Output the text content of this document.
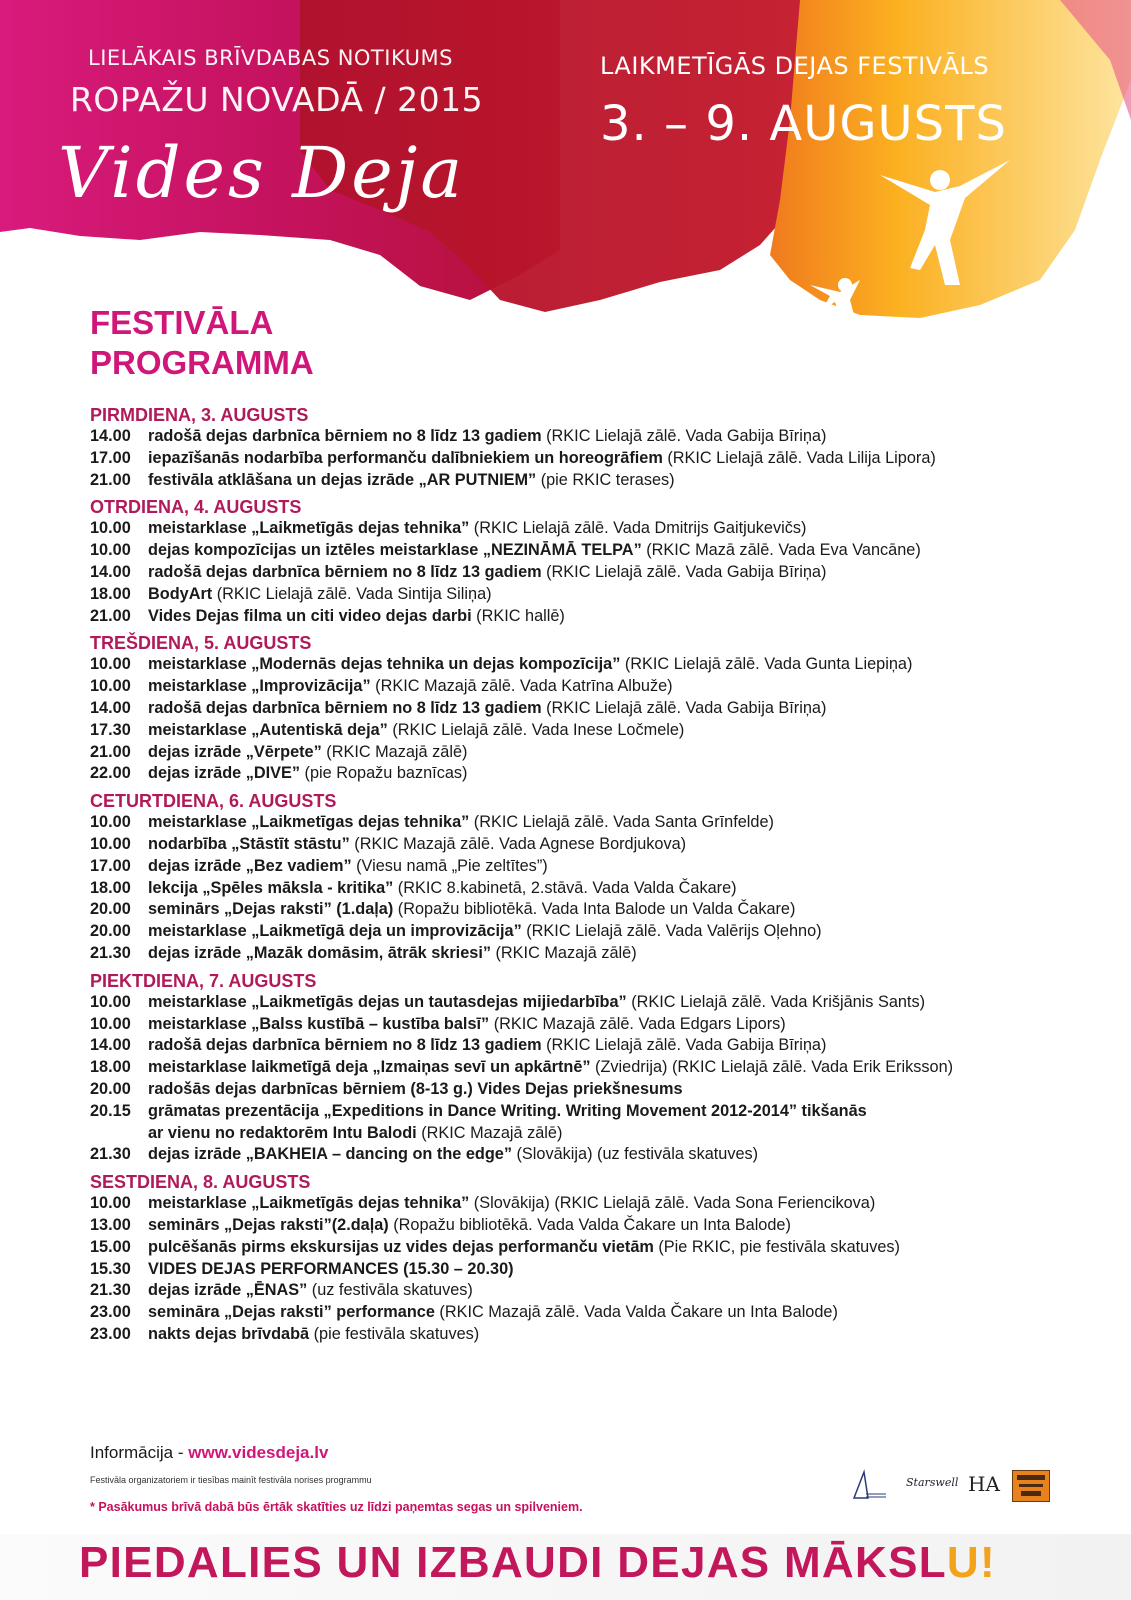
LIELĀKAIS BRĪVDABAS NOTIKUMS
ROPAŽU NOVADĀ / 2015
Vides Deja
LAIKMETĪGĀS DEJAS FESTIVĀLS
3. – 9. AUGUSTS
FESTIVĀLA
PROGRAMMA
PIRMDIENA, 3. AUGUSTS
14.00	radošā dejas darbnīca bērniem no 8 līdz 13 gadiem (RKIC Lielajā zālē. Vada Gabija Bīriņa)
17.00	iepazīšanās nodarbība performanču dalībniekiem un horeogrāfiem (RKIC Lielajā zālē. Vada Lilija Lipora)
21.00	festivāla atklāšana un dejas izrāde „AR PUTNIEM” (pie RKIC terases)
OTRDIENA, 4. AUGUSTS
10.00	meistarklase „Laikmetīgās dejas tehnika” (RKIC Lielajā zālē. Vada Dmitrijs Gaitjukevičs)
10.00	dejas kompozīcijas un iztēles meistarklase „NEZINĀMĀ TELPA” (RKIC Mazā zālē. Vada Eva Vancāne)
14.00	radošā dejas darbnīca bērniem no 8 līdz 13 gadiem (RKIC Lielajā zālē. Vada Gabija Bīriņa)
18.00	BodyArt (RKIC Lielajā zālē. Vada Sintija Siliņa)
21.00	Vides Dejas filma un citi video dejas darbi (RKIC hallē)
TREŠDIENA, 5. AUGUSTS
10.00	meistarklase „Modernās dejas tehnika un dejas kompozīcija” (RKIC Lielajā zālē. Vada Gunta Liepiņa)
10.00	meistarklase „Improvizācija” (RKIC Mazajā zālē. Vada Katrīna Albuže)
14.00	radošā dejas darbnīca bērniem no 8 līdz 13 gadiem (RKIC Lielajā zālē. Vada Gabija Bīriņa)
17.30	meistarklase „Autentiskā deja” (RKIC Lielajā zālē. Vada Inese Ločmele)
21.00	dejas izrāde „Vērpete” (RKIC Mazajā zālē)
22.00	dejas izrāde „DIVE” (pie Ropažu baznīcas)
CETURTDIENA, 6. AUGUSTS
10.00	meistarklase „Laikmetīgas dejas tehnika” (RKIC Lielajā zālē. Vada Santa Grīnfelde)
10.00	nodarbība „Stāstīt stāstu” (RKIC Mazajā zālē. Vada Agnese Bordjukova)
17.00	dejas izrāde „Bez vadiem” (Viesu namā „Pie zeltītes”)
18.00	lekcija „Spēles māksla - kritika” (RKIC 8.kabinetā, 2.stāvā. Vada Valda Čakare)
20.00	seminārs „Dejas raksti” (1.daļa) (Ropažu bibliotēkā. Vada Inta Balode un Valda Čakare)
20.00	meistarklase „Laikmetīgā deja un improvizācija” (RKIC Lielajā zālē. Vada Valērijs Oļehno)
21.30	dejas izrāde „Mazāk domāsim, ātrāk skriesi” (RKIC Mazajā zālē)
PIEKTDIENA, 7. AUGUSTS
10.00	meistarklase „Laikmetīgās dejas un tautasdejas mijiedarbība” (RKIC Lielajā zālē. Vada Krišjānis Sants)
10.00	meistarklase „Balss kustībā – kustība balsī” (RKIC Mazajā zālē. Vada Edgars Lipors)
14.00	radošā dejas darbnīca bērniem no 8 līdz 13 gadiem (RKIC Lielajā zālē. Vada Gabija Bīriņa)
18.00	meistarklase laikmetīgā deja „Izmaiņas sevī un apkārtnē” (Zviedrija) (RKIC Lielajā zālē. Vada Erik Eriksson)
20.00	radošās dejas darbnīcas bērniem (8-13 g.) Vides Dejas priekšnesums
20.15	grāmatas prezentācija „Expeditions in Dance Writing. Writing Movement 2012-2014” tikšanās
ar vienu no redaktorēm Intu Balodi (RKIC Mazajā zālē)
21.30	dejas izrāde „BAKHEIA – dancing on the edge” (Slovākija) (uz festivāla skatuves)
SESTDIENA, 8. AUGUSTS
10.00	meistarklase „Laikmetīgās dejas tehnika” (Slovākija) (RKIC Lielajā zālē. Vada Sona Feriencikova)
13.00	seminārs „Dejas raksti”(2.daļa) (Ropažu bibliotēkā. Vada Valda Čakare un Inta Balode)
15.00	pulcēšanās pirms ekskursijas uz vides dejas performanču vietām (Pie RKIC, pie festivāla skatuves)
15.30	VIDES DEJAS PERFORMANCES (15.30 – 20.30)
21.30	dejas izrāde „ĒNAS” (uz festivāla skatuves)
23.00	semināra „Dejas raksti” performance (RKIC Mazajā zālē. Vada Valda Čakare un Inta Balode)
23.00	nakts dejas brīvdabā (pie festivāla skatuves)
Informācija - www.videsdeja.lv
Festivāla organizatoriem ir tiesības mainīt festivāla norises programmu
* Pasākumus brīvā dabā būs ērtāk skatīties uz līdzi paņemtas segas un spilveniem.
Starswell HA
PIEDALIES UN IZBAUDI DEJAS MĀKSLU!
